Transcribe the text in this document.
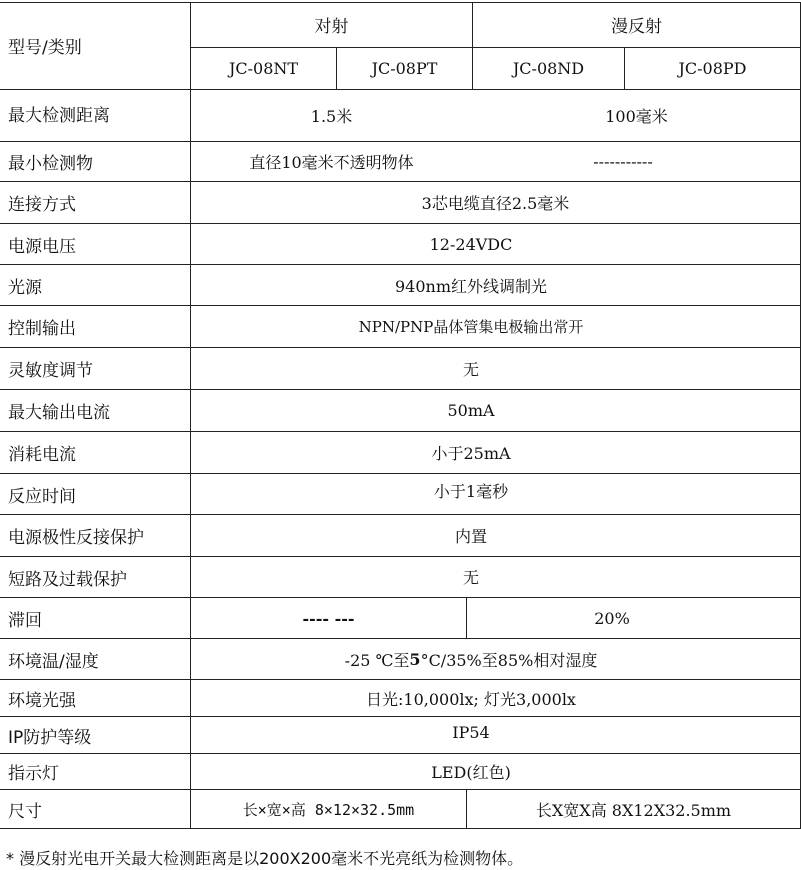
型号/类别
对射	漫反射
JC-08NT	JC-08PT	JC-08ND	JC-08PD
最大检测距离	1.5米	100毫米
最小检测物	直径10毫米不透明物体	-----------
连接方式	3芯电缆直径2.5毫米
电源电压	12-24VDC
光源	940nm红外线调制光
控制输出	NPN/PNP晶体管集电极输出常开
灵敏度调节	无
最大输出电流	50mA
消耗电流	小于25mA
反应时间	小于1毫秒
电源极性反接保护	内置
短路及过载保护	无
滞回	---- ---	20%
环境温/湿度	-25 ℃至 5 °C/35%至85%相对湿度
环境光强	日光:10,000lx; 灯光3,000lx
IP防护等级	IP54
指示灯	LED(红色)
尺寸	长×宽×高 8×12×32.5mm	长X宽X高 8X12X32.5mm
* 漫反射光电开关最大检测距离是以200X200毫米不光亮纸为检测物体。
